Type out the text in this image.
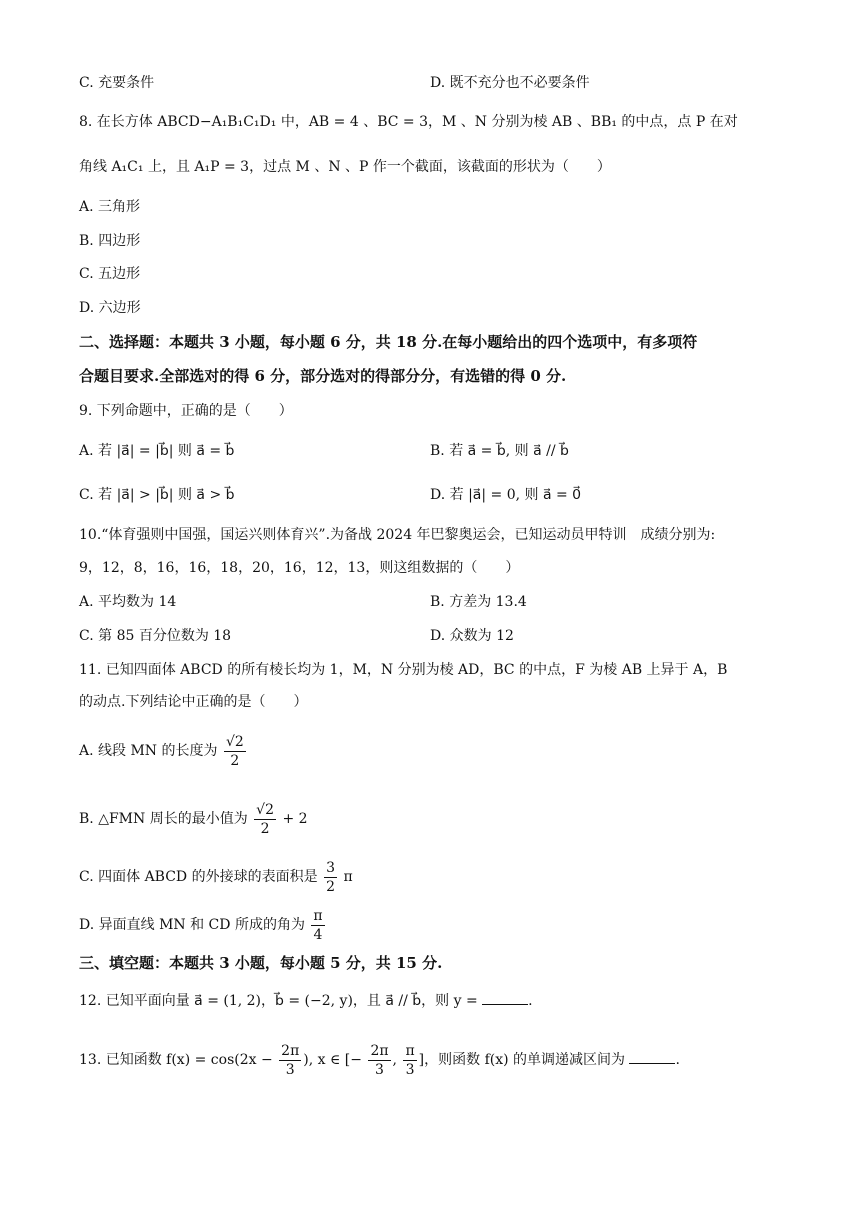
C. 充要条件	D. 既不充分也不必要条件
8. 在长方体 ABCD−A₁B₁C₁D₁ 中，AB = 4 、BC = 3，M 、N 分别为棱 AB 、BB₁ 的中点，点 P 在对
角线 A₁C₁ 上，且 A₁P = 3，过点 M 、N 、P 作一个截面，该截面的形状为（　　）
A. 三角形
B. 四边形
C. 五边形
D. 六边形
二、选择题：本题共 3 小题，每小题 6 分，共 18 分.在每小题给出的四个选项中，有多项符
合题目要求.全部选对的得 6 分，部分选对的得部分分，有选错的得 0 分.
9. 下列命题中，正确的是（　　）
A. 若 |a⃗| = |b⃗| 则 a⃗ = b⃗	B. 若 a⃗ = b⃗, 则 a⃗ // b⃗
C. 若 |a⃗| > |b⃗| 则 a⃗ > b⃗	D. 若 |a⃗| = 0, 则 a⃗ = 0⃗
10.“体育强则中国强，国运兴则体育兴”.为备战 2024 年巴黎奥运会，已知运动员甲特训　成绩分别为:
9，12，8，16，16，18，20，16，12，13，则这组数据的（　　）
A. 平均数为 14	B. 方差为 13.4
C. 第 85 百分位数为 18	D. 众数为 12
11. 已知四面体 ABCD 的所有棱长均为 1，M，N 分别为棱 AD，BC 的中点，F 为棱 AB 上异于 A，B
的动点.下列结论中正确的是（　　）
A. 线段 MN 的长度为 $\frac{√2}{2}$
B. △FMN 周长的最小值为 $\frac{√2}{2} + 2$
C. 四面体 ABCD 的外接球的表面积是 $\frac{3}{2}$ π
D. 异面直线 MN 和 CD 所成的角为 $\frac{\pi}{4}$
三、填空题：本题共 3 小题，每小题 5 分，共 15 分.
12. 已知平面向量 a⃗ = (1, 2)，b⃗ = (−2, y)，且 a⃗ // b⃗，则 y =	.
13. 已知函数 $f(x) = \cos(2x - \frac{2\pi}{3}$ ), x ∈ [− $\frac{2\pi}{3}$ , $\frac{\pi}{3}$ ]，则函数 f(x) 的单调递减区间为	.
